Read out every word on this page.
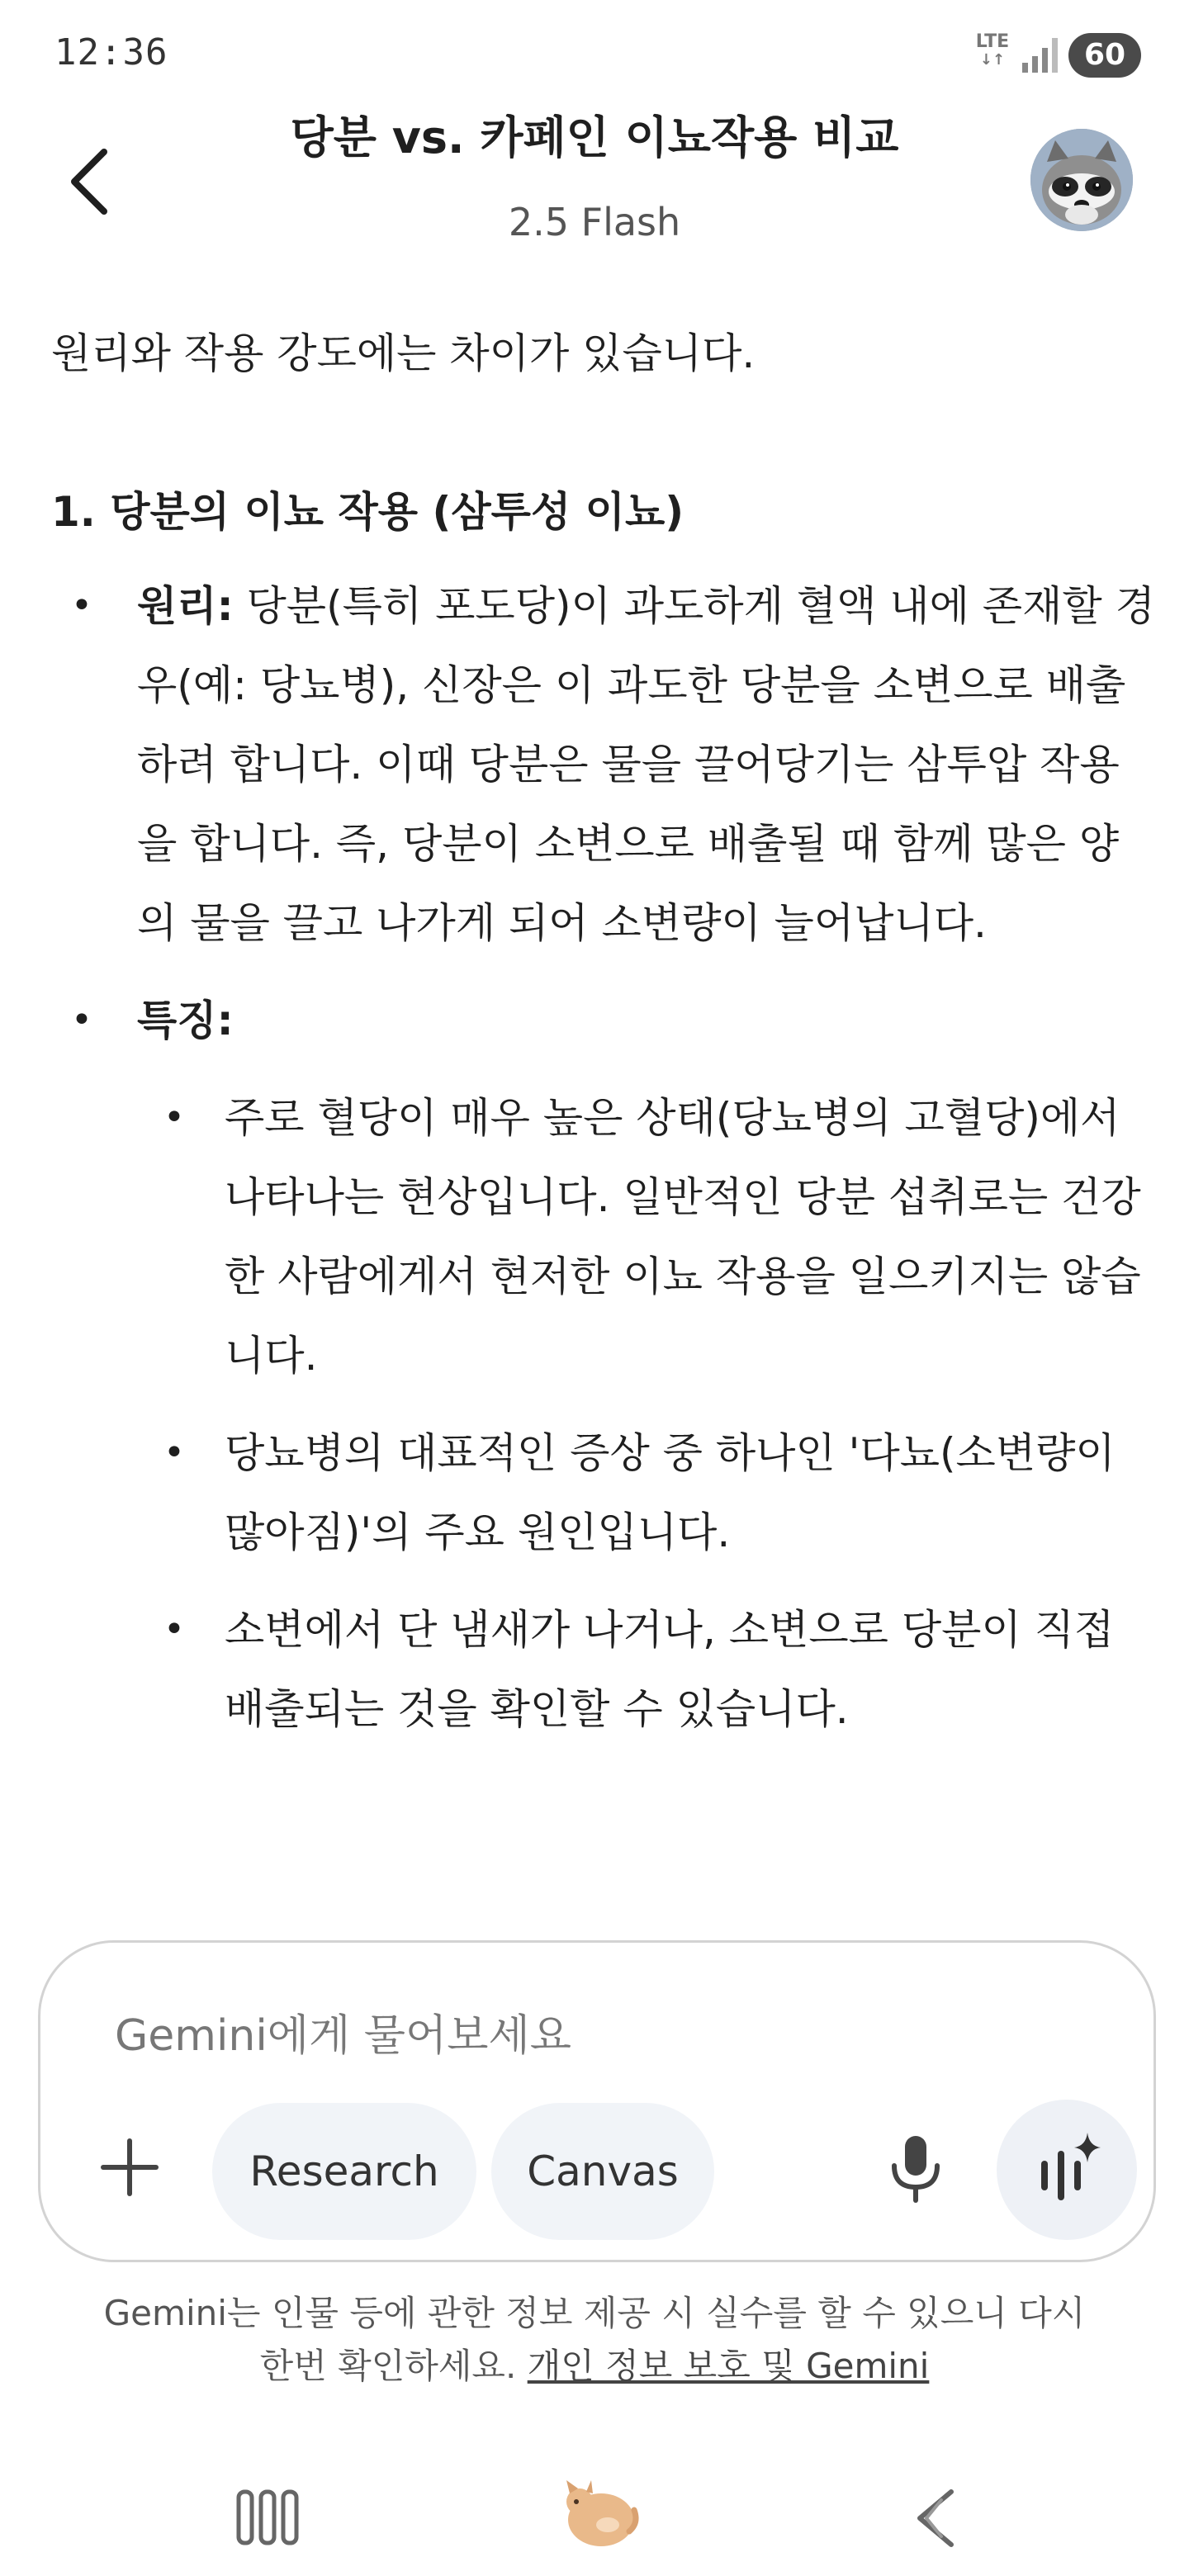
12:36	LTE
↓↑	60
당분 vs. 카페인 이뇨작용 비교
2.5 Flash

원리와 작용 강도에는 차이가 있습니다.

1. 당분의 이뇨 작용 (삼투성 이뇨)
• 원리: 당분(특히 포도당)이 과도하게 혈액 내에 존재할 경우(예: 당뇨병), 신장은 이 과도한 당분을 소변으로 배출하려 합니다. 이때 당분은 물을 끌어당기는 삼투압 작용을 합니다. 즉, 당분이 소변으로 배출될 때 함께 많은 양의 물을 끌고 나가게 되어 소변량이 늘어납니다.
• 특징:
• 주로 혈당이 매우 높은 상태(당뇨병의 고혈당)에서 나타나는 현상입니다. 일반적인 당분 섭취로는 건강한 사람에게서 현저한 이뇨 작용을 일으키지는 않습니다.
• 당뇨병의 대표적인 증상 중 하나인 '다뇨(소변량이 많아짐)'의 주요 원인입니다.
• 소변에서 단 냄새가 나거나, 소변으로 당분이 직접 배출되는 것을 확인할 수 있습니다.
Gemini에게 물어보세요
Research	Canvas
Gemini는 인물 등에 관한 정보 제공 시 실수를 할 수 있으니 다시
한번 확인하세요. 개인 정보 보호 및 Gemini
